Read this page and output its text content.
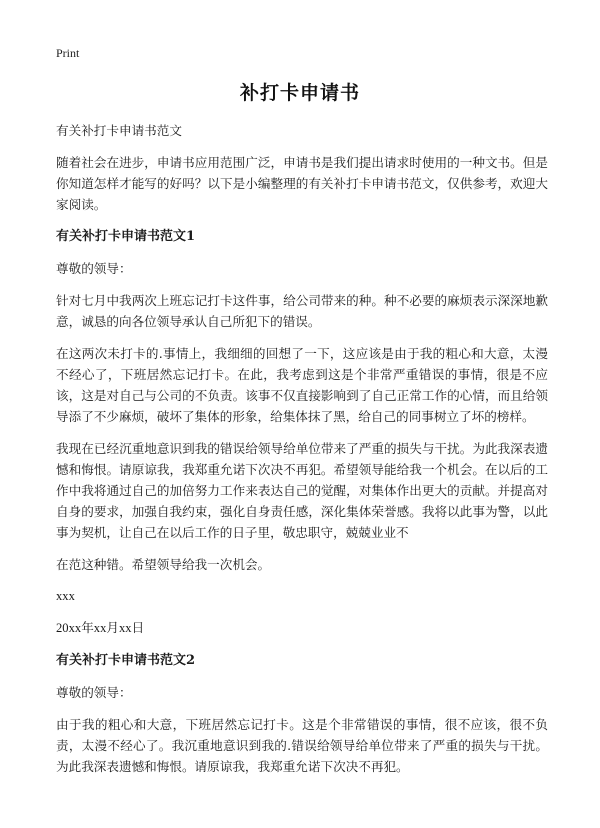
Print
补打卡申请书

有关补打卡申请书范文

随着社会在进步，申请书应用范围广泛，申请书是我们提出请求时使用的一种文书。但是你知道怎样才能写的好吗？以下是小编整理的有关补打卡申请书范文，仅供参考，欢迎大家阅读。

有关补打卡申请书范文1

尊敬的领导：

针对七月中我两次上班忘记打卡这件事，给公司带来的种。种不必要的麻烦表示深深地歉意，诚恳的向各位领导承认自己所犯下的错误。

在这两次未打卡的.事情上，我细细的回想了一下，这应该是由于我的粗心和大意，太漫不经心了，下班居然忘记打卡。在此，我考虑到这是个非常严重错误的事情，很是不应该，这是对自己与公司的不负责。该事不仅直接影响到了自己正常工作的心情，而且给领导添了不少麻烦，破坏了集体的形象，给集体抹了黑，给自己的同事树立了坏的榜样。

我现在已经沉重地意识到我的错误给领导给单位带来了严重的损失与干扰。为此我深表遗憾和悔恨。请原谅我，我郑重允诺下次决不再犯。希望领导能给我一个机会。在以后的工作中我将通过自己的加倍努力工作来表达自己的觉醒，对集体作出更大的贡献。并提高对自身的要求，加强自我约束，强化自身责任感，深化集体荣誉感。我将以此事为警，以此事为契机，让自己在以后工作的日子里，敬忠职守，兢兢业业不

在范这种错。希望领导给我一次机会。

xxx

20xx年xx月xx日

有关补打卡申请书范文2

尊敬的领导：

由于我的粗心和大意，下班居然忘记打卡。这是个非常错误的事情，很不应该，很不负责，太漫不经心了。我沉重地意识到我的.错误给领导给单位带来了严重的损失与干扰。为此我深表遗憾和悔恨。请原谅我，我郑重允诺下次决不再犯。
